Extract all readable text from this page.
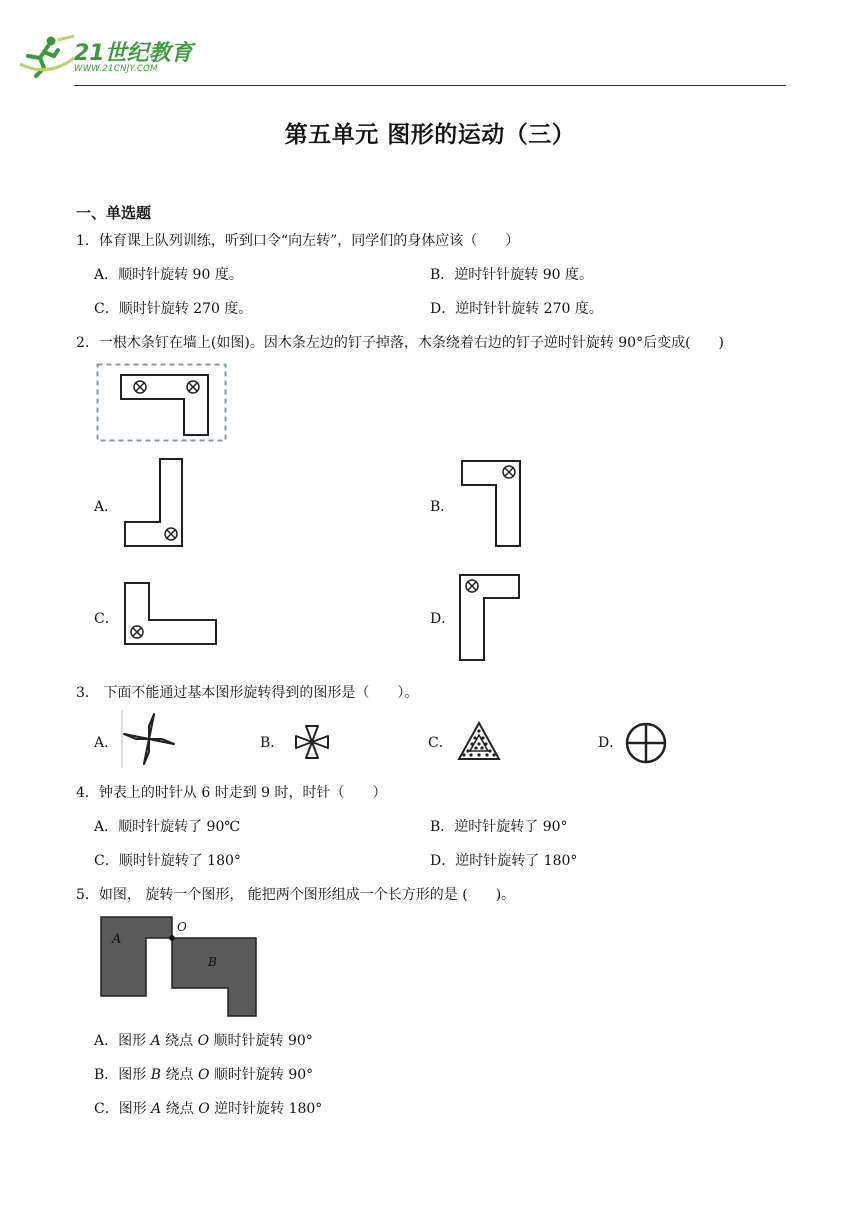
21世纪教育
WWW.21CNJY.COM
第五单元 图形的运动（三）
一、单选题
1．体育课上队列训练，听到口令“向左转”，同学们的身体应该（　　）
A．顺时针旋转 90 度。	B．逆时针针旋转 90 度。
C．顺时针旋转 270 度。	D．逆时针针旋转 270 度。
2．一根木条钉在墙上(如图)。因木条左边的钉子掉落，木条绕着右边的钉子逆时针旋转 90°后变成(　　)
A．	B．
C．	D．
3． 下面不能通过基本图形旋转得到的图形是（　　）。
A．	B．	C．	D．
4．钟表上的时针从 6 时走到 9 时，时针（　　）
A．顺时针旋转了 90℃	B．逆时针旋转了 90°
C．顺时针旋转了 180°	D．逆时针旋转了 180°
5．如图， 旋转一个图形， 能把两个图形组成一个长方形的是 (　　)。
A
O
B
A．图形 A 绕点 O 顺时针旋转 90°
B．图形 B 绕点 O 顺时针旋转 90°
C．图形 A 绕点 O 逆时针旋转 180°
